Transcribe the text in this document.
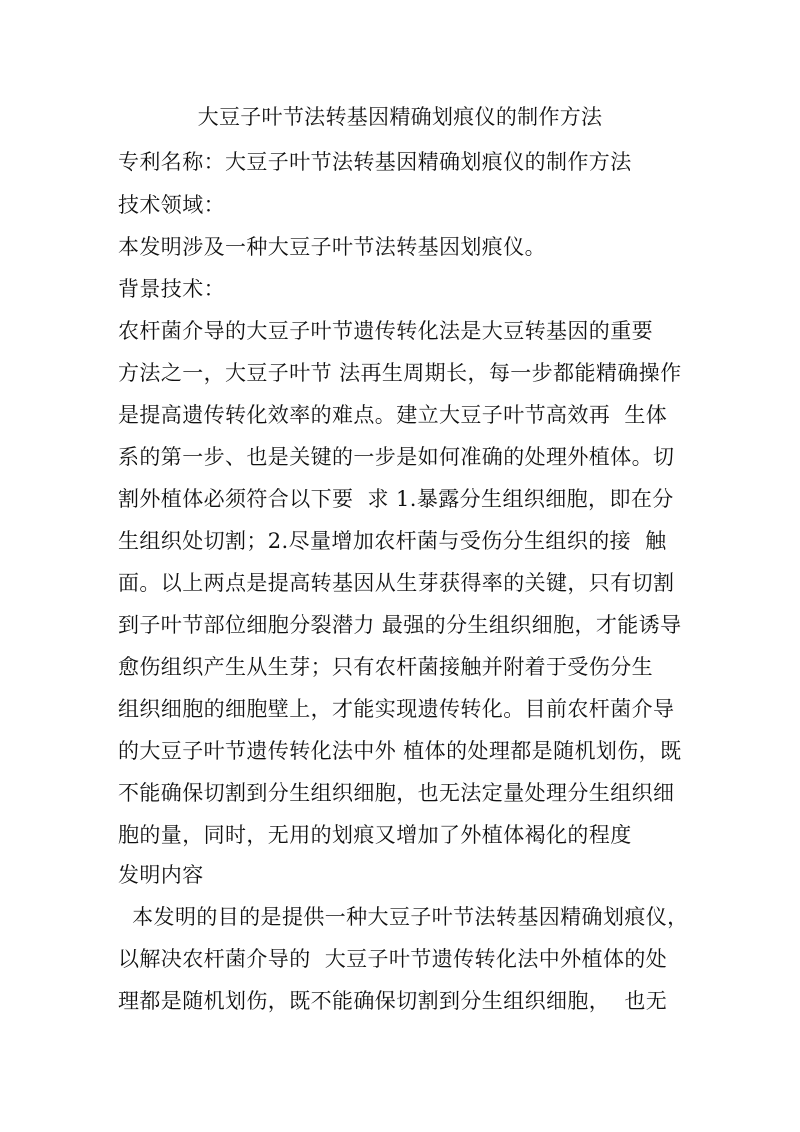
大豆子叶节法转基因精确划痕仪的制作方法
专利名称：大豆子叶节法转基因精确划痕仪的制作方法
技术领域：
本发明涉及一种大豆子叶节法转基因划痕仪。
背景技术：
农杆菌介导的大豆子叶节遗传转化法是大豆转基因的重要
方法之一，大豆子叶节 法再生周期长，每一步都能精确操作
是提高遗传转化效率的难点。建立大豆子叶节高效再  生体
系的第一步、也是关键的一步是如何准确的处理外植体。切
割外植体必须符合以下要  求 1.暴露分生组织细胞，即在分
生组织处切割；2.尽量增加农杆菌与受伤分生组织的接  触
面。以上两点是提高转基因从生芽获得率的关键，只有切割
到子叶节部位细胞分裂潜力 最强的分生组织细胞，才能诱导
愈伤组织产生从生芽；只有农杆菌接触并附着于受伤分生
组织细胞的细胞壁上，才能实现遗传转化。目前农杆菌介导
的大豆子叶节遗传转化法中外 植体的处理都是随机划伤，既
不能确保切割到分生组织细胞，也无法定量处理分生组织细
胞的量，同时，无用的划痕又增加了外植体褐化的程度
发明内容
本发明的目的是提供一种大豆子叶节法转基因精确划痕仪，
以解决农杆菌介导的  大豆子叶节遗传转化法中外植体的处
理都是随机划伤，既不能确保切割到分生组织细胞，  也无
